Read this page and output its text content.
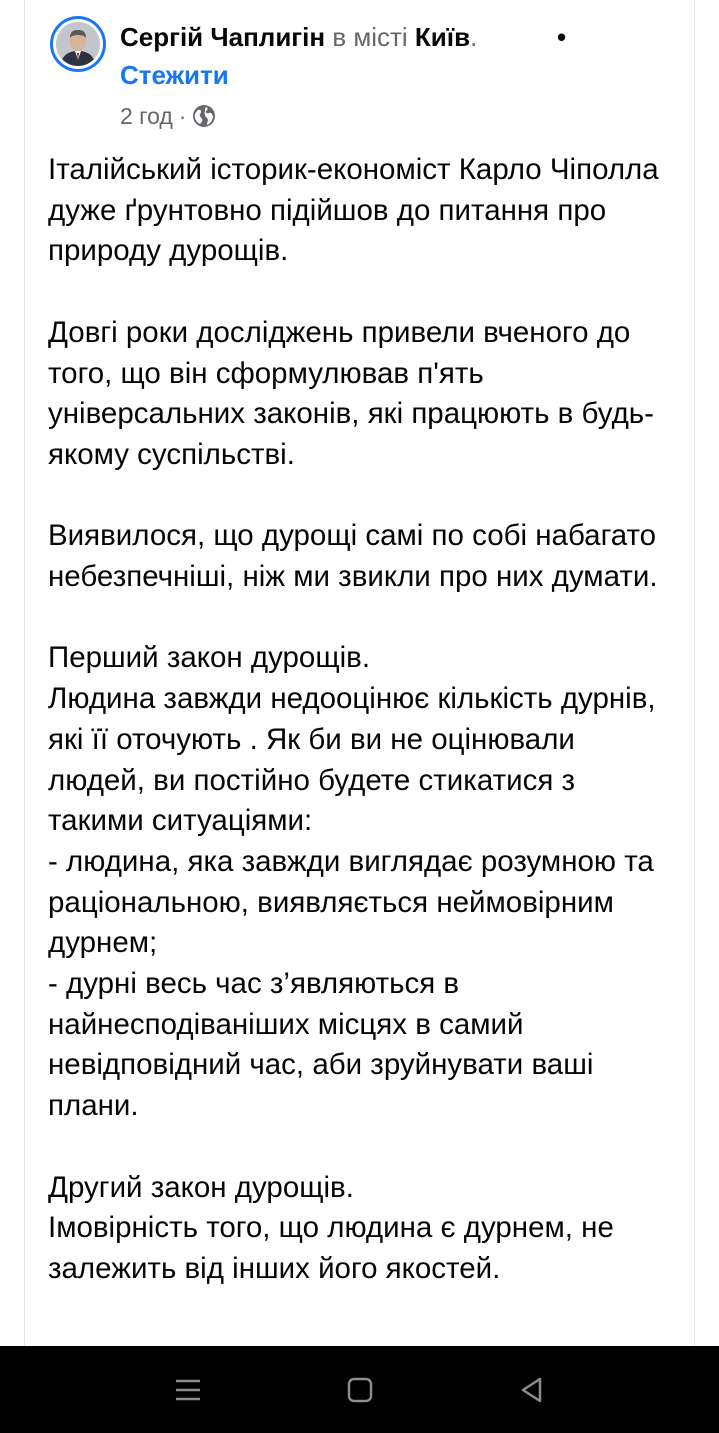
Сергій Чаплигін в місті Київ.	•
Стежити
2 год ·

Італійський історик-економіст Карло Чіполла дуже ґрунтовно підійшов до питання про природу дурощів.

Довгі роки досліджень привели вченого до того, що він сформулював п'ять універсальних законів, які працюють в будь-якому суспільстві.

Виявилося, що дурощі самі по собі набагато небезпечніші, ніж ми звикли про них думати.

Перший закон дурощів.
Людина завжди недооцінює кількість дурнів, які її оточують . Як би ви не оцінювали людей, ви постійно будете стикатися з такими ситуаціями:
- людина, яка завжди виглядає розумною та раціональною, виявляється неймовірним дурнем;
- дурні весь час з’являються в найнесподіваніших місцях в самий невідповідний час, аби зруйнувати ваші плани.

Другий закон дурощів.
Імовірність того, що людина є дурнем, не залежить від інших його якостей.
